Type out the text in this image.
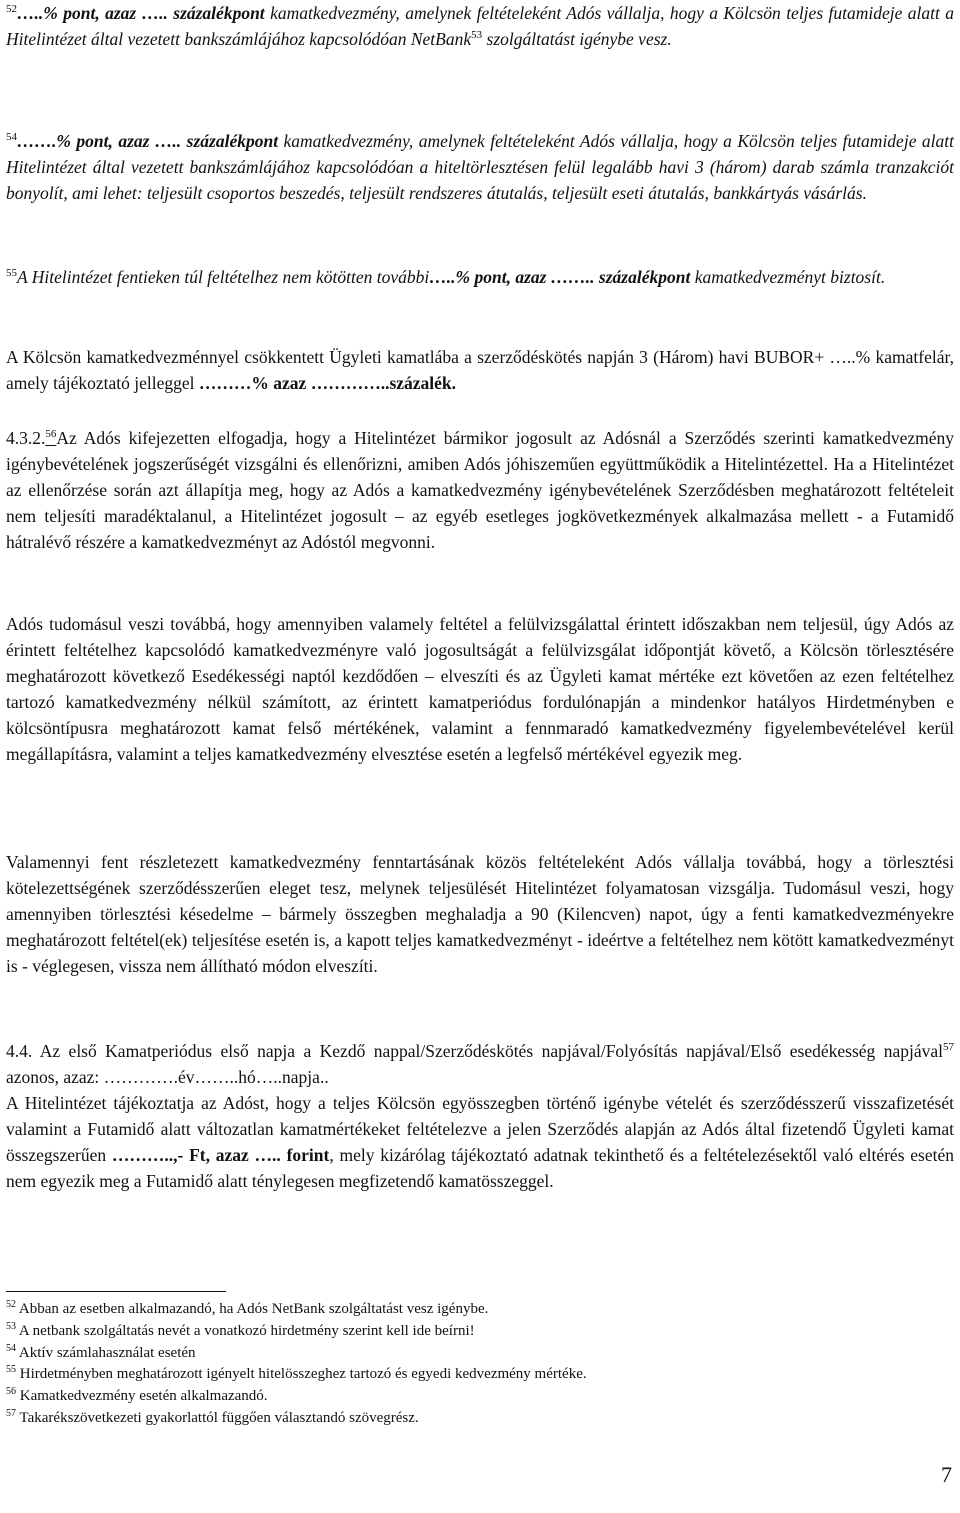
$^{52}$…..% pont, azaz ….. százalékpont kamatkedvezmény, amelynek feltételeként Adós vállalja, hogy a Kölcsön teljes futamideje alatt a Hitelintézet által vezetett bankszámlájához kapcsolódóan NetBank$^{53}$ szolgáltatást igénybe vesz.

$^{54}$…….% pont, azaz ….. százalékpont kamatkedvezmény, amelynek feltételeként Adós vállalja, hogy a Kölcsön teljes futamideje alatt Hitelintézet által vezetett bankszámlájához kapcsolódóan a hiteltörlesztésen felül legalább havi 3 (három) darab számla tranzakciót bonyolít, ami lehet: teljesült csoportos beszedés, teljesült rendszeres átutalás, teljesült eseti átutalás, bankkártyás vásárlás.

$^{55}$A Hitelintézet fentieken túl feltételhez nem kötötten további…..% pont, azaz …….. százalékpont kamatkedvezményt biztosít.

A Kölcsön kamatkedvezménnyel csökkentett Ügyleti kamatlába a szerződéskötés napján 3 (Három) havi BUBOR+ …..% kamatfelár, amely tájékoztató jelleggel ………% azaz …………..százalék.

4.3.2.56Az Adós kifejezetten elfogadja, hogy a Hitelintézet bármikor jogosult az Adósnál a Szerződés szerinti kamatkedvezmény igénybevételének jogszerűségét vizsgálni és ellenőrizni, amiben Adós jóhiszeműen együttműködik a Hitelintézettel. Ha a Hitelintézet az ellenőrzése során azt állapítja meg, hogy az Adós a kamatkedvezmény igénybevételének Szerződésben meghatározott feltételeit nem teljesíti maradéktalanul, a Hitelintézet jogosult – az egyéb esetleges jogkövetkezmények alkalmazása mellett - a Futamidő hátralévő részére a kamatkedvezményt az Adóstól megvonni.

Adós tudomásul veszi továbbá, hogy amennyiben valamely feltétel a felülvizsgálattal érintett időszakban nem teljesül, úgy Adós az érintett feltételhez kapcsolódó kamatkedvezményre való jogosultságát a felülvizsgálat időpontját követő, a Kölcsön törlesztésére meghatározott következő Esedékességi naptól kezdődően – elveszíti és az Ügyleti kamat mértéke ezt követően az ezen feltételhez tartozó kamatkedvezmény nélkül számított, az érintett kamatperiódus fordulónapján a mindenkor hatályos Hirdetményben e kölcsöntípusra meghatározott kamat felső mértékének, valamint a fennmaradó kamatkedvezmény figyelembevételével kerül megállapításra, valamint a teljes kamatkedvezmény elvesztése esetén a legfelső mértékével egyezik meg.

Valamennyi fent részletezett kamatkedvezmény fenntartásának közös feltételeként Adós vállalja továbbá, hogy a törlesztési kötelezettségének szerződésszerűen eleget tesz, melynek teljesülését Hitelintézet folyamatosan vizsgálja. Tudomásul veszi, hogy amennyiben törlesztési késedelme – bármely összegben meghaladja a 90 (Kilencven) napot, úgy a fenti kamatkedvezményekre meghatározott feltétel(ek) teljesítése esetén is, a kapott teljes kamatkedvezményt - ideértve a feltételhez nem kötött kamatkedvezményt is - véglegesen, vissza nem állítható módon elveszíti.

4.4. Az első Kamatperiódus első napja a Kezdő nappal/Szerződéskötés napjával/Folyósítás napjával/Első esedékesség napjával$^{57}$ azonos, azaz: ………….év……..hó…..napja..

A Hitelintézet tájékoztatja az Adóst, hogy a teljes Kölcsön egyösszegben történő igénybe vételét és szerződésszerű visszafizetését valamint a Futamidő alatt változatlan kamatmértékeket feltételezve a jelen Szerződés alapján az Adós által fizetendő Ügyleti kamat összegszerűen ………..,- Ft, azaz ….. forint, mely kizárólag tájékoztató adatnak tekinthető és a feltételezésektől való eltérés esetén nem egyezik meg a Futamidő alatt ténylegesen megfizetendő kamatösszeggel.

$^{52}$ Abban az esetben alkalmazandó, ha Adós NetBank szolgáltatást vesz igénybe.
$^{53}$ A netbank szolgáltatás nevét a vonatkozó hirdetmény szerint kell ide beírni!
$^{54}$ Aktív számlahasználat esetén
$^{55}$ Hirdetményben meghatározott igényelt hitelösszeghez tartozó és egyedi kedvezmény mértéke.
$^{56}$ Kamatkedvezmény esetén alkalmazandó.
$^{57}$ Takarékszövetkezeti gyakorlattól függően választandó szövegrész.
7
